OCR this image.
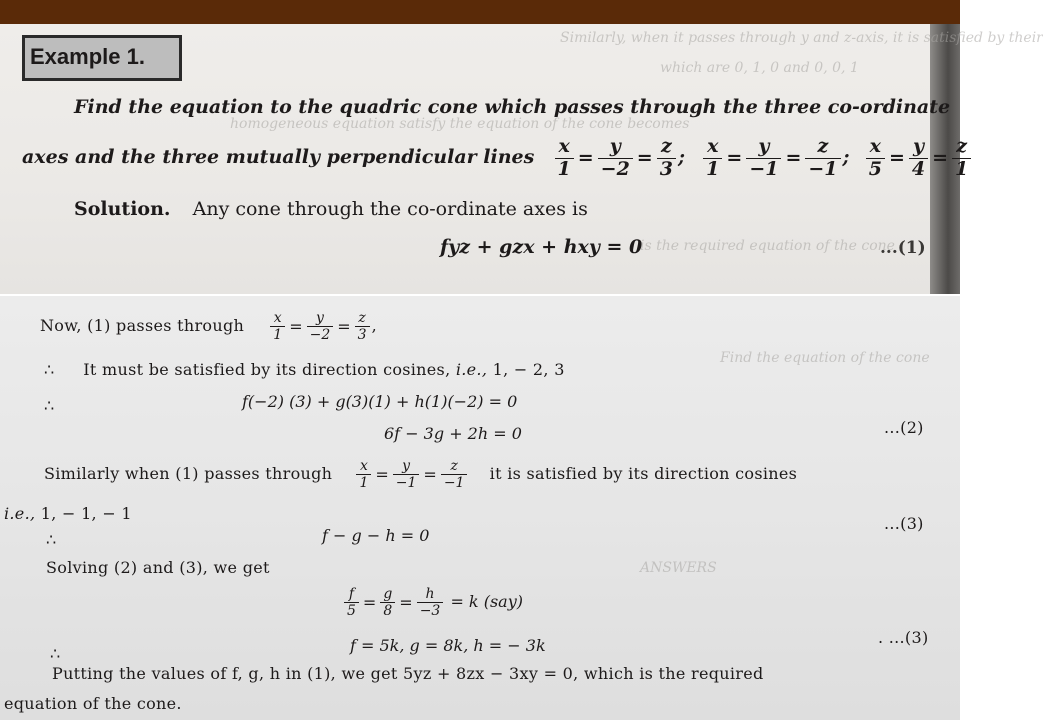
Similarly, when it passes through y and z-axis, it is satisfied by their
which are 0, 1, 0 and 0, 0, 1
homogeneous equation satisfy the equation of the cone becomes
is the required equation of the cone
Find the equation of the cone
ANSWERS
Example 1.
Find the equation to the quadric cone which passes through the three co-ordinate
axes and the three mutually perpendicular lines $\frac{x}{1} = \frac{y}{-2} = \frac{z}{3}$ ; $\frac{x}{1} = \frac{y}{-1} = \frac{z}{-1}$ ; $\frac{x}{5} = \frac{y}{4} = \frac{z}{1}$
Solution. Any cone through the co-ordinate axes is
fyz + gzx + hxy = 0	...(1)
Now, (1) passes through $\frac{x}{1} = \frac{y}{-2} = \frac{z}{3}$ ,
∴ It must be satisfied by its direction cosines, i.e., 1, − 2, 3
∴	f(−2) (3) + g(3)(1) + h(1)(−2) = 0
6f − 3g + 2h = 0	...(2)
Similarly when (1) passes through $\frac{x}{1} = \frac{y}{-1} = \frac{z}{-1}$ it is satisfied by its direction cosines
i.e., 1, − 1, − 1
∴	f − g − h = 0
...(3)
Solving (2) and (3), we get
$\frac{f}{5} = \frac{g}{8} = \frac{h}{-3} = k$ (say)
∴	f = 5k, g = 8k, h = − 3k	. ...(3)
Putting the values of f, g, h in (1), we get 5yz + 8zx − 3xy = 0, which is the required
equation of the cone.
